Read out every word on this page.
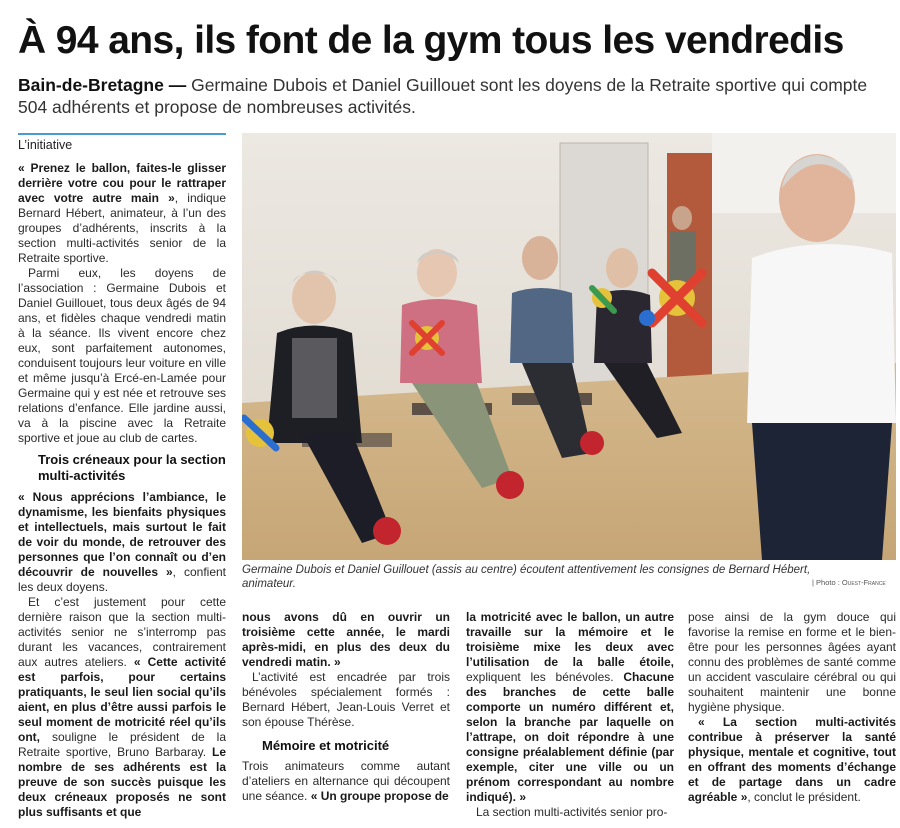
À 94 ans, ils font de la gym tous les vendredis
Bain-de-Bretagne — Germaine Dubois et Daniel Guillouet sont les doyens de la Retraite sportive qui compte 504 adhérents et propose de nombreuses activités.
L’initiative

« Prenez le ballon, faites-le glisser derrière votre cou pour le rattraper avec votre autre main », indique Bernard Hébert, animateur, à l’un des groupes d’adhérents, inscrits à la section multi-activités senior de la Retraite sportive.

Parmi eux, les doyens de l’association : Germaine Dubois et Daniel Guillouet, tous deux âgés de 94 ans, et fidèles chaque vendredi matin à la séance. Ils vivent encore chez eux, sont parfaitement autonomes, conduisent toujours leur voiture en ville et même jusqu’à Ercé-en-Lamée pour Germaine qui y est née et retrouve ses relations d’enfance. Elle jardine aussi, va à la piscine avec la Retraite sportive et joue au club de cartes.

Trois créneaux pour la section multi-activités

« Nous apprécions l’ambiance, le dynamisme, les bienfaits physiques et intellectuels, mais surtout le fait de voir du monde, de retrouver des personnes que l’on connaît ou d’en découvrir de nouvelles », confient les deux doyens.

Et c’est justement pour cette dernière raison que la section multi-activités senior ne s’interromp pas durant les vacances, contrairement aux autres ateliers. « Cette activité est parfois, pour certains pratiquants, le seul lien social qu’ils aient, en plus d’être aussi parfois le seul moment de motricité réel qu’ils ont, souligne le président de la Retraite sportive, Bruno Barbaray. Le nombre de ses adhérents est la preuve de son succès puisque les deux créneaux proposés ne sont plus suffisants et que

Germaine Dubois et Daniel Guillouet (assis au centre) écoutent attentivement les consignes de Bernard Hébert, animateur.	| Photo : Ouest-France

nous avons dû en ouvrir un troisième cette année, le mardi après-midi, en plus des deux du vendredi matin. »

L’activité est encadrée par trois bénévoles spécialement formés : Bernard Hébert, Jean-Louis Verret et son épouse Thérèse.

Mémoire et motricité

Trois animateurs comme autant d’ateliers en alternance qui découpent une séance. « Un groupe propose de

la motricité avec le ballon, un autre travaille sur la mémoire et le troisième mixe les deux avec l’utilisation de la balle étoile, expliquent les bénévoles. Chacune des branches de cette balle comporte un numéro différent et, selon la branche par laquelle on l’attrape, on doit répondre à une consigne préalablement définie (par exemple, citer une ville ou un prénom correspondant au nombre indiqué). »

La section multi-activités senior pro-

pose ainsi de la gym douce qui favorise la remise en forme et le bien-être pour les personnes âgées ayant connu des problèmes de santé comme un accident vasculaire cérébral ou qui souhaitent maintenir une bonne hygiène physique.

« La section multi-activités contribue à préserver la santé physique, mentale et cognitive, tout en offrant des moments d’échange et de partage dans un cadre agréable », conclut le président.
